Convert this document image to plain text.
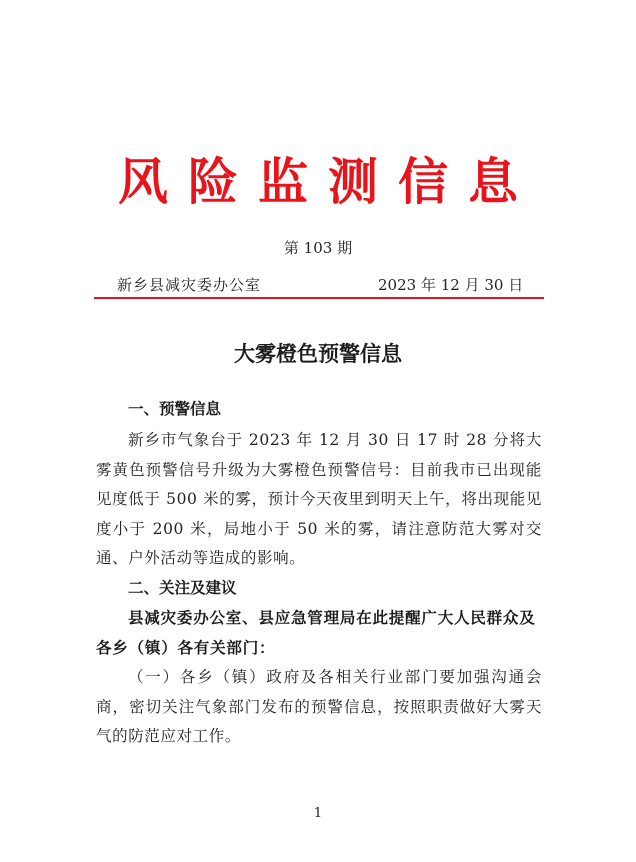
风险监测信息
第 103 期
新乡县减灾委办公室	2023 年 12 月 30 日
大雾橙色预警信息
一、预警信息
新乡市气象台于 2023 年 12 月 30 日 17 时 28 分将大雾黄色预警信号升级为大雾橙色预警信号：目前我市已出现能见度低于 500 米的雾，预计今天夜里到明天上午，将出现能见度小于 200 米，局地小于 50 米的雾，请注意防范大雾对交通、户外活动等造成的影响。
二、关注及建议
县减灾委办公室、县应急管理局在此提醒广大人民群众及各乡（镇）各有关部门：
（一）各乡（镇）政府及各相关行业部门要加强沟通会商，密切关注气象部门发布的预警信息，按照职责做好大雾天气的防范应对工作。
1
